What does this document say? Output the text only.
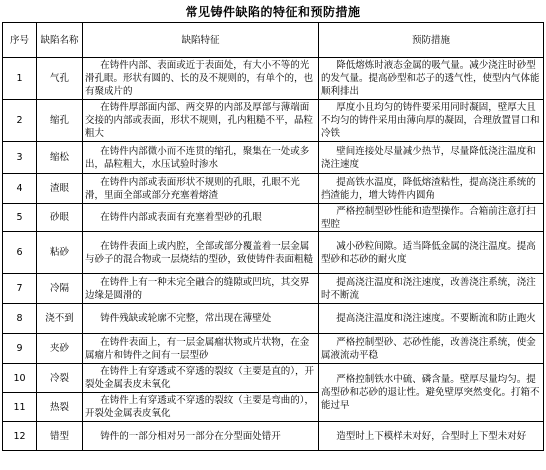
常见铸件缺陷的特征和预防措施
序号	缺陷名称	缺陷特征	预防措施
1	气孔	在铸件内部、表面或近于表面处，有大小不等的光滑孔眼。形状有圆的、长的及不规则的，有单个的，也有聚成片的	降低熔炼时液态金属的吸气量。减少浇注时砂型的发气量。提高砂型和芯子的透气性，使型内气体能顺利排出
2	缩孔	在铸件厚部面内部、两交界的内部及厚部与薄端面交接的内部或表面，形状不规则，孔内粗糙不平，晶粒粗大	厚度小且均匀的铸件要采用同时凝固，壁厚大且不均匀的铸件采用由薄向厚的凝固，合理放置冒口和冷铁
3	缩松	在铸件内部微小而不连贯的缩孔，聚集在一处或多出，晶粒粗大，水压试验时渗水	壁间连接处尽量减少热节，尽量降低浇注温度和浇注速度
4	渣眼	在铸件内部或表面形状不规则的孔眼，孔眼不光滑，里面全部或部分充塞着熔渣	提高铁水温度，降低熔渣粘性，提高浇注系统的挡渣能力，增大铸件内圆角
5	砂眼	在铸件内部或表面有充塞着型砂的孔眼	严格控制型砂性能和造型操作。合箱前注意打扫型腔
6	粘砂	在铸件表面上或内腔，全部或部分覆盖着一层金属与砂子的混合物或一层烧结的型砂，致使铸件表面粗糙	减小砂粒间隙。适当降低金属的浇注温度。提高型砂和芯砂的耐火度
7	冷隔	在铸件上有一种未完全融合的缝隙或凹坑，其交界边缘是圆滑的	提高浇注温度和浇注速度，改善浇注系统，浇注时不断流
8	浇不到	铸件残缺或轮廓不完整，常出现在薄壁处	提高浇注温度和浇注速度。不要断流和防止跑火
9	夹砂	在铸件表面上，有一层金属瘤状物或片状物，在金属瘤片和铸件之间有一层型砂	严格控制型砂、芯砂性能，改善浇注系统，使金属液流动平稳
10	冷裂	在铸件上有穿透或不穿透的裂纹（主要是直的），开裂处金属表皮未氧化	严格控制铁水中硫、磷含量。壁厚尽量均匀。提高型砂和芯砂的退让性。避免壁厚突然变化。打箱不能过早
11	热裂	在铸件上有穿透或不穿透的裂纹（主要是弯曲的），开裂处金属表皮氧化	
12	错型	铸件的一部分相对另一部分在分型面处错开	造型时上下模样未对好，合型时上下型未对好
